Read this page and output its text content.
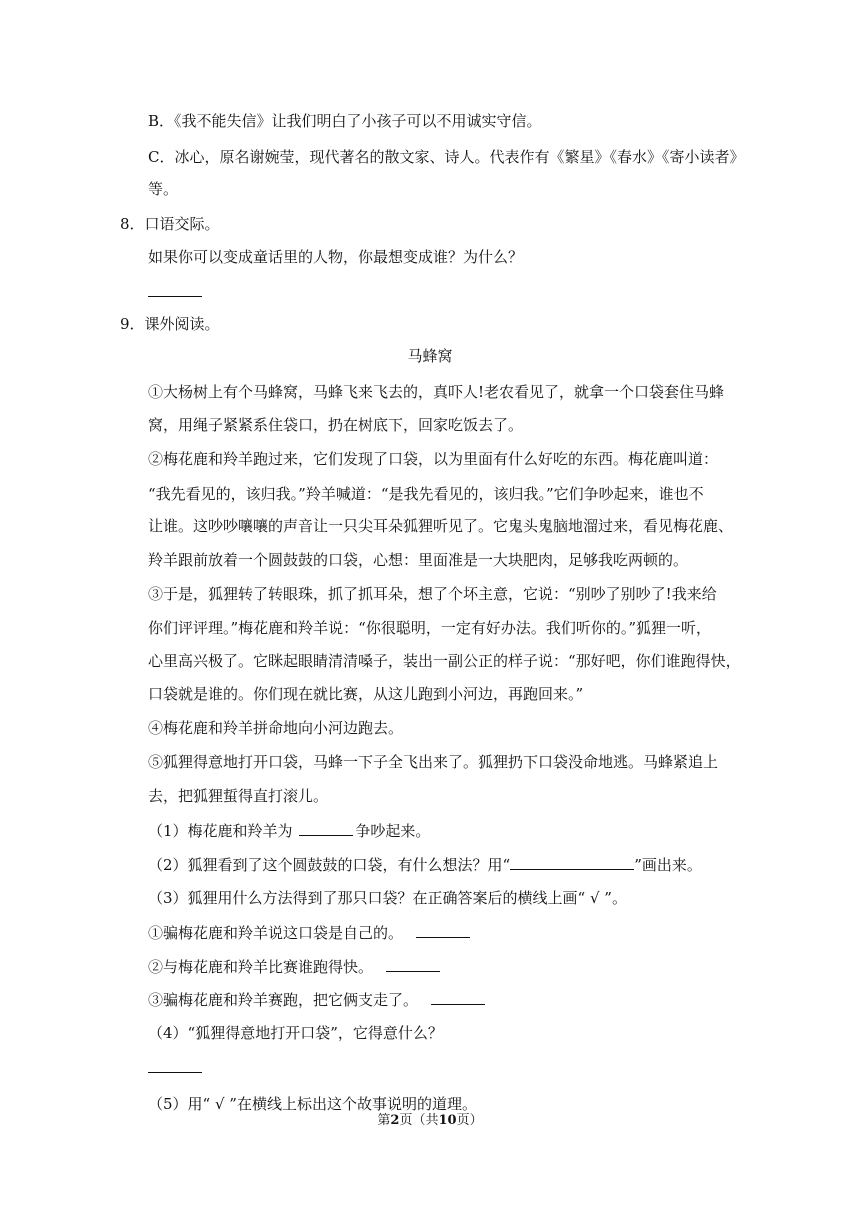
B．《我不能失信》让我们明白了小孩子可以不用诚实守信。
C．冰心，原名谢婉莹，现代著名的散文家、诗人。代表作有《繁星》《春水》《寄小读者》
等。
8．口语交际。
如果你可以变成童话里的人物，你最想变成谁？为什么？
9．课外阅读。
马蜂窝
①大杨树上有个马蜂窝，马蜂飞来飞去的，真吓人!老农看见了，就拿一个口袋套住马蜂
窝，用绳子紧紧系住袋口，扔在树底下，回家吃饭去了。
②梅花鹿和羚羊跑过来，它们发现了口袋，以为里面有什么好吃的东西。梅花鹿叫道：
“我先看见的，该归我。”羚羊喊道：“是我先看见的，该归我。”它们争吵起来，谁也不
让谁。这吵吵嚷嚷的声音让一只尖耳朵狐狸听见了。它鬼头鬼脑地溜过来，看见梅花鹿、
羚羊跟前放着一个圆鼓鼓的口袋，心想：里面准是一大块肥肉，足够我吃两顿的。
③于是，狐狸转了转眼珠，抓了抓耳朵，想了个坏主意，它说：“别吵了别吵了!我来给
你们评评理。”梅花鹿和羚羊说：“你很聪明，一定有好办法。我们听你的。”狐狸一听，
心里高兴极了。它眯起眼睛清清嗓子，装出一副公正的样子说：“那好吧，你们谁跑得快，
口袋就是谁的。你们现在就比赛，从这儿跑到小河边，再跑回来。”
④梅花鹿和羚羊拼命地向小河边跑去。
⑤狐狸得意地打开口袋，马蜂一下子全飞出来了。狐狸扔下口袋没命地逃。马蜂紧追上
去，把狐狸蜇得直打滚儿。
（1）梅花鹿和羚羊为	争吵起来。
（2）狐狸看到了这个圆鼓鼓的口袋，有什么想法？用“	”画出来。
（3）狐狸用什么方法得到了那只口袋？在正确答案后的横线上画“ √ ”。
①骗梅花鹿和羚羊说这口袋是自己的。
②与梅花鹿和羚羊比赛谁跑得快。
③骗梅花鹿和羚羊赛跑，把它俩支走了。
（4）“狐狸得意地打开口袋”，它得意什么？
（5）用“ √ ”在横线上标出这个故事说明的道理。
第2页（共10页）
